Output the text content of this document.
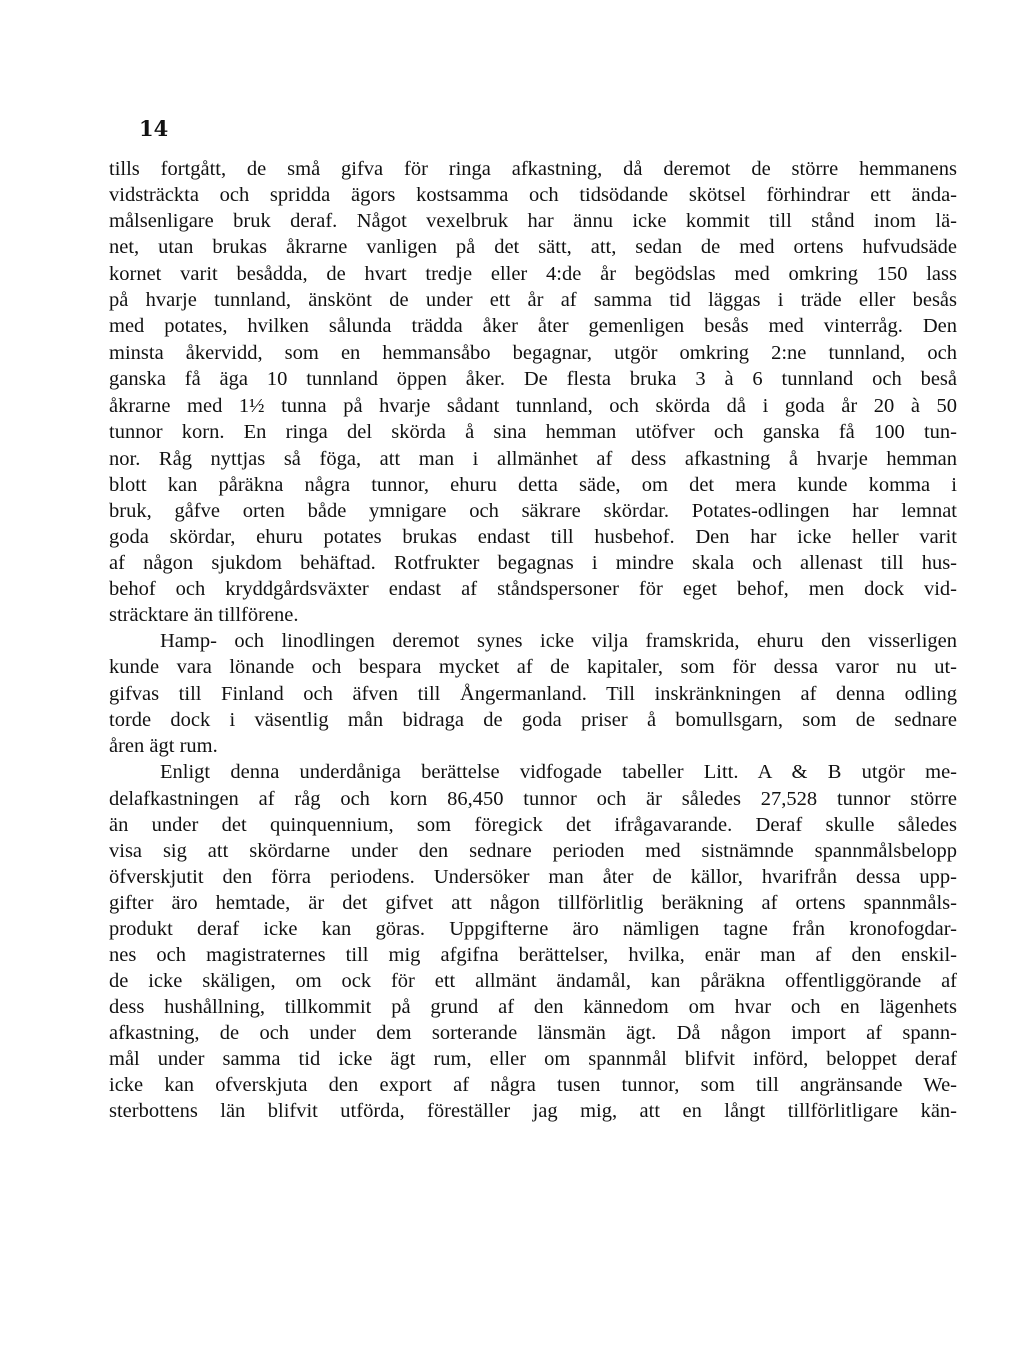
14
tills fortgått, de små gifva för ringa afkastning, då deremot de större hemmanens
vidsträckta och spridda ägors kostsamma och tidsödande skötsel förhindrar ett ända-
målsenligare bruk deraf. Något vexelbruk har ännu icke kommit till stånd inom lä-
net, utan brukas åkrarne vanligen på det sätt, att, sedan de med ortens hufvudsäde
kornet varit besådda, de hvart tredje eller 4:de år begödslas med omkring 150 lass
på hvarje tunnland, änskönt de under ett år af samma tid läggas i träde eller besås
med potates, hvilken sålunda trädda åker åter gemenligen besås med vinterråg. Den
minsta åkervidd, som en hemmansåbo begagnar, utgör omkring 2:ne tunnland, och
ganska få äga 10 tunnland öppen åker. De flesta bruka 3 à 6 tunnland och beså
åkrarne med 1½ tunna på hvarje sådant tunnland, och skörda då i goda år 20 à 50
tunnor korn. En ringa del skörda å sina hemman utöfver och ganska få 100 tun-
nor. Råg nyttjas så föga, att man i allmänhet af dess afkastning å hvarje hemman
blott kan påräkna några tunnor, ehuru detta säde, om det mera kunde komma i
bruk, gåfve orten både ymnigare och säkrare skördar. Potates-odlingen har lemnat
goda skördar, ehuru potates brukas endast till husbehof. Den har icke heller varit
af någon sjukdom behäftad. Rotfrukter begagnas i mindre skala och allenast till hus-
behof och kryddgårdsväxter endast af ståndspersoner för eget behof, men dock vid-
sträcktare än tillförene.
Hamp- och linodlingen deremot synes icke vilja framskrida, ehuru den visserligen
kunde vara lönande och bespara mycket af de kapitaler, som för dessa varor nu ut-
gifvas till Finland och äfven till Ångermanland. Till inskränkningen af denna odling
torde dock i väsentlig mån bidraga de goda priser å bomullsgarn, som de sednare
åren ägt rum.
Enligt denna underdåniga berättelse vidfogade tabeller Litt. A & B utgör me-
delafkastningen af råg och korn 86,450 tunnor och är således 27,528 tunnor större
än under det quinquennium, som föregick det ifrågavarande. Deraf skulle således
visa sig att skördarne under den sednare perioden med sistnämnde spannmålsbelopp
öfverskjutit den förra periodens. Undersöker man åter de källor, hvarifrån dessa upp-
gifter äro hemtade, är det gifvet att någon tillförlitlig beräkning af ortens spannmåls-
produkt deraf icke kan göras. Uppgifterne äro nämligen tagne från kronofogdar-
nes och magistraternes till mig afgifna berättelser, hvilka, enär man af den enskil-
de icke skäligen, om ock för ett allmänt ändamål, kan påräkna offentliggörande af
dess hushållning, tillkommit på grund af den kännedom om hvar och en lägenhets
afkastning, de och under dem sorterande länsmän ägt. Då någon import af spann-
mål under samma tid icke ägt rum, eller om spannmål blifvit införd, beloppet deraf
icke kan ofverskjuta den export af några tusen tunnor, som till angränsande We-
sterbottens län blifvit utförda, föreställer jag mig, att en långt tillförlitligare kän-
